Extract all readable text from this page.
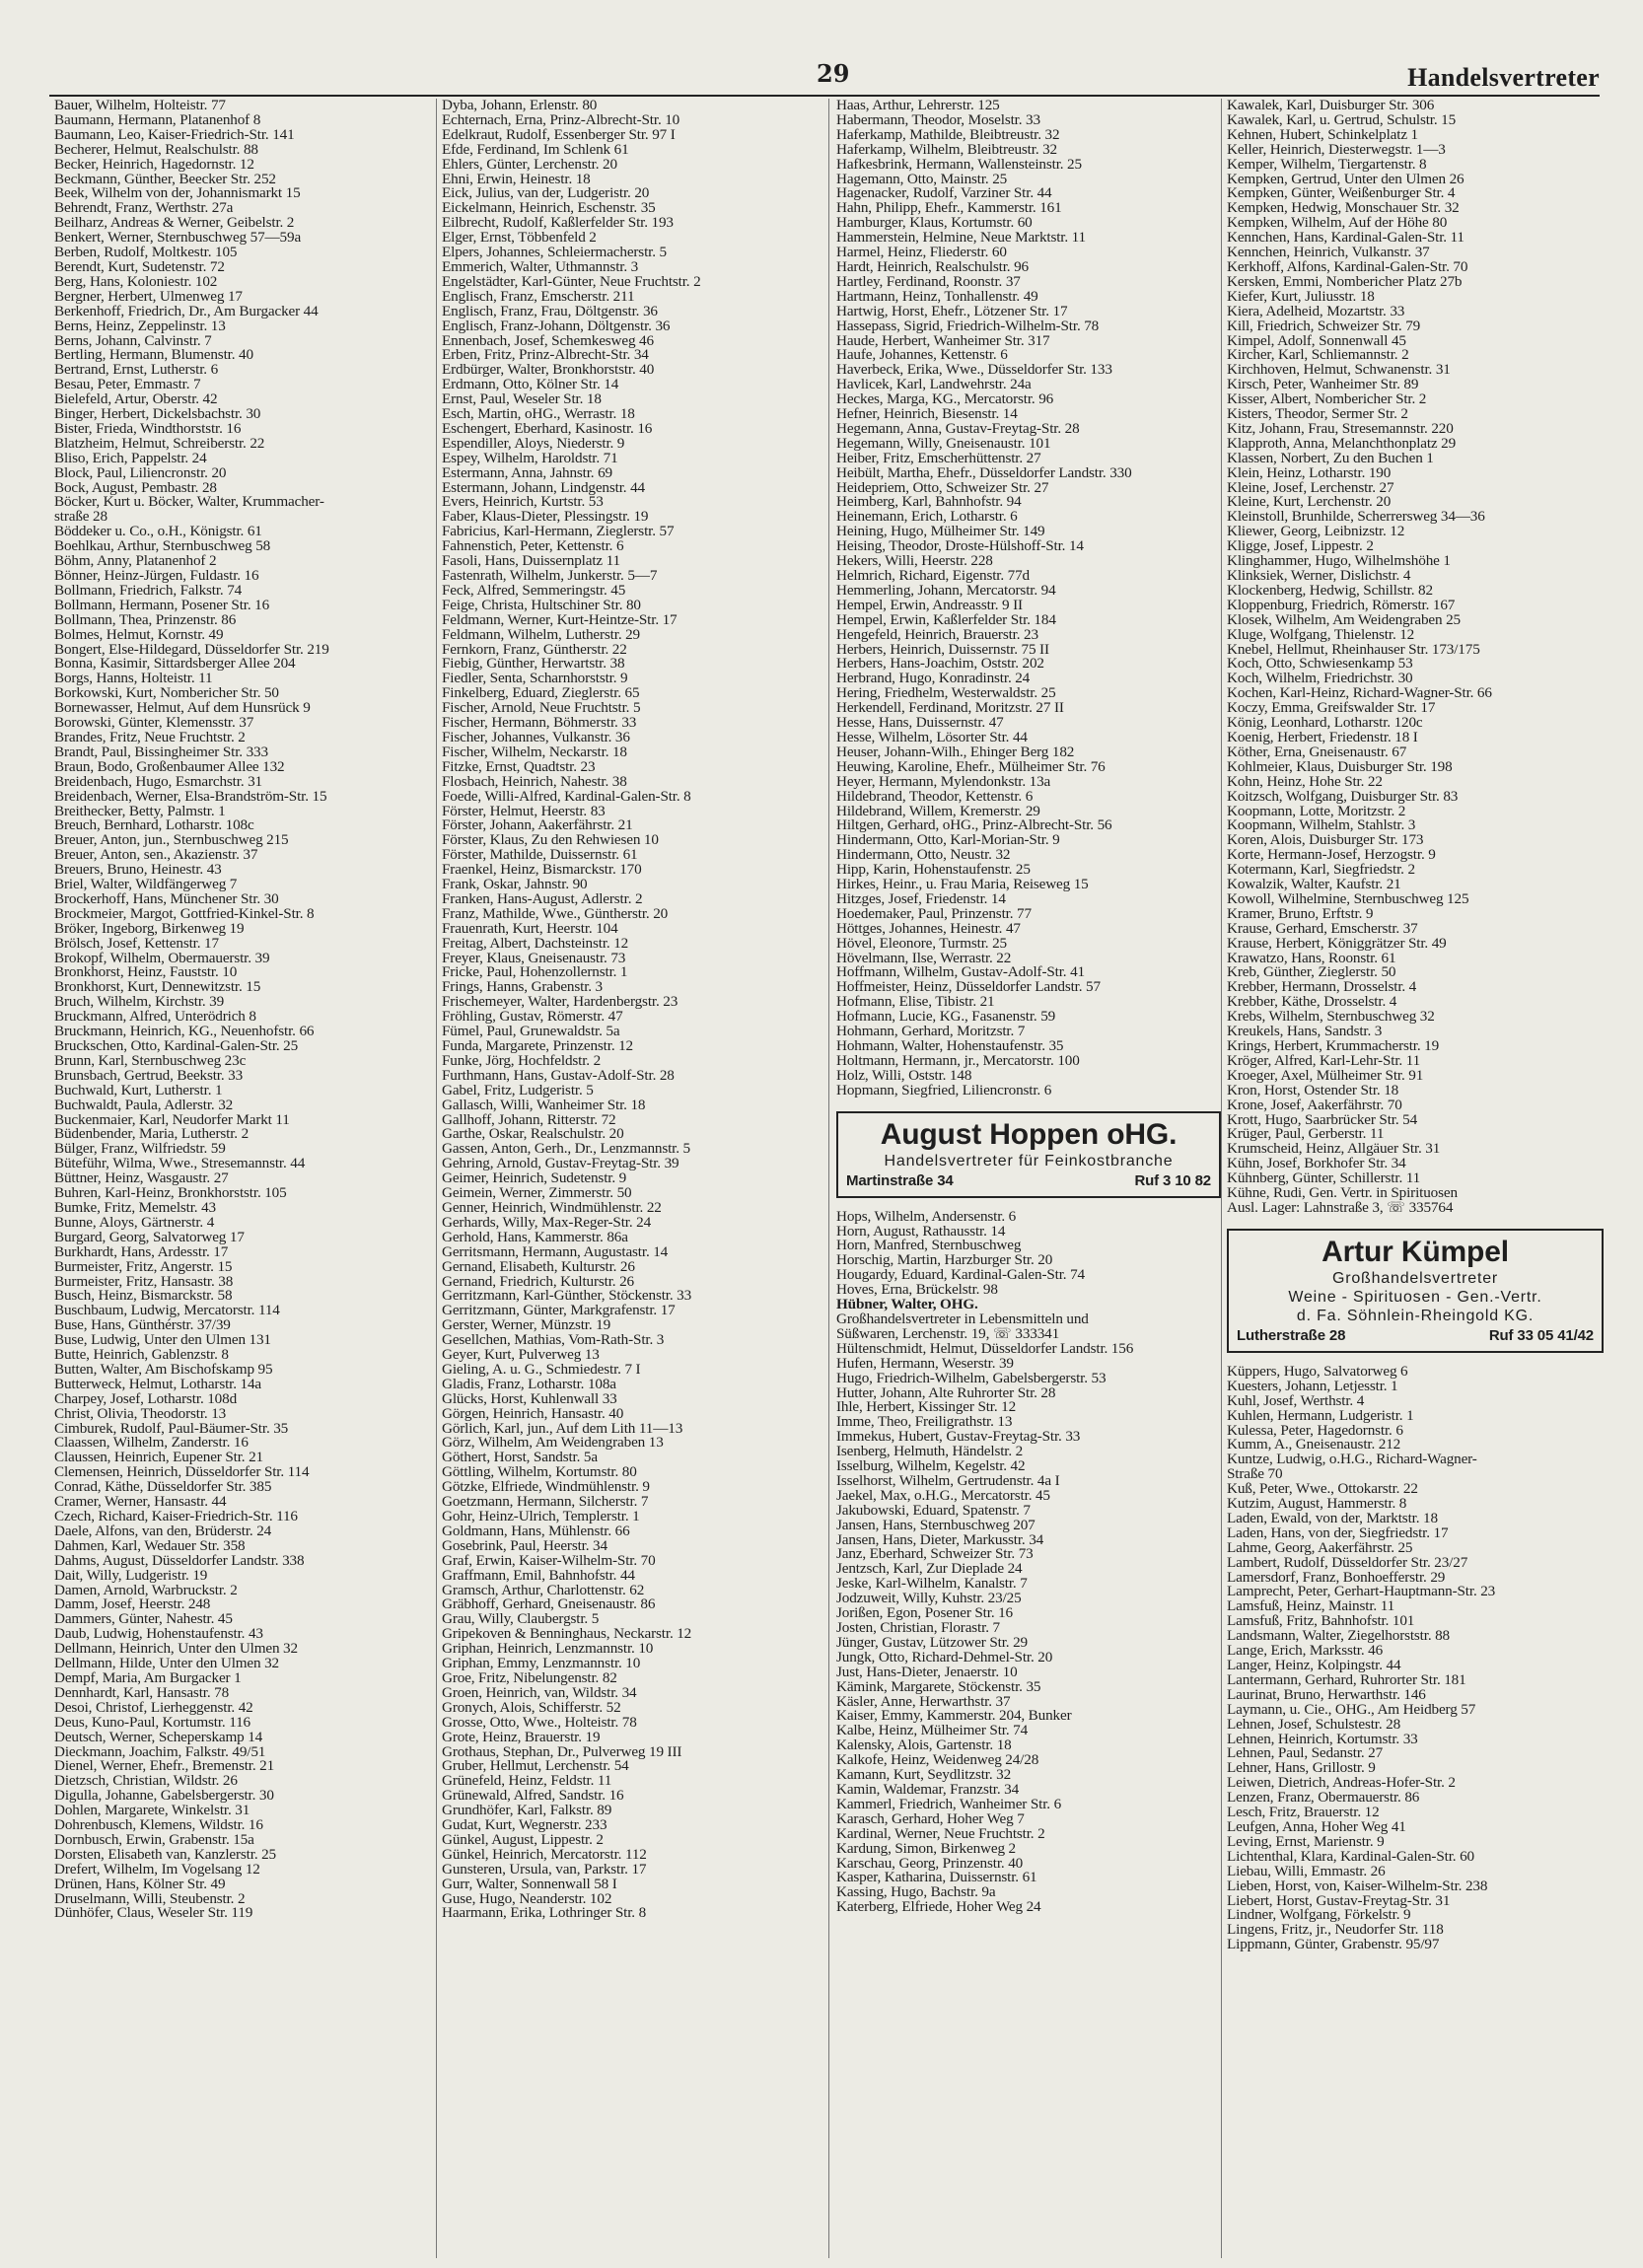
29	Handelsvertreter
Bauer, Wilhelm, Holteistr. 77
Baumann, Hermann, Platanenhof 8
Baumann, Leo, Kaiser-Friedrich-Str. 141
Becherer, Helmut, Realschulstr. 88
Becker, Heinrich, Hagedornstr. 12
Beckmann, Günther, Beecker Str. 252
Beek, Wilhelm von der, Johannismarkt 15
Behrendt, Franz, Werthstr. 27a
Beilharz, Andreas & Werner, Geibelstr. 2
Benkert, Werner, Sternbuschweg 57—59a
Berben, Rudolf, Moltkestr. 105
Berendt, Kurt, Sudetenstr. 72
Berg, Hans, Koloniestr. 102
Bergner, Herbert, Ulmenweg 17
Berkenhoff, Friedrich, Dr., Am Burgacker 44
Berns, Heinz, Zeppelinstr. 13
Berns, Johann, Calvinstr. 7
Bertling, Hermann, Blumenstr. 40
Bertrand, Ernst, Lutherstr. 6
Besau, Peter, Emmastr. 7
Bielefeld, Artur, Oberstr. 42
Binger, Herbert, Dickelsbachstr. 30
Bister, Frieda, Windthorststr. 16
Blatzheim, Helmut, Schreiberstr. 22
Bliso, Erich, Pappelstr. 24
Block, Paul, Liliencronstr. 20
Bock, August, Pembastr. 28
Böcker, Kurt u. Böcker, Walter, Krummacher-
straße 28
Böddeker u. Co., o.H., Königstr. 61
Boehlkau, Arthur, Sternbuschweg 58
Böhm, Anny, Platanenhof 2
Bönner, Heinz-Jürgen, Fuldastr. 16
Bollmann, Friedrich, Falkstr. 74
Bollmann, Hermann, Posener Str. 16
Bollmann, Thea, Prinzenstr. 86
Bolmes, Helmut, Kornstr. 49
Bongert, Else-Hildegard, Düsseldorfer Str. 219
Bonna, Kasimir, Sittardsberger Allee 204
Borgs, Hanns, Holteistr. 11
Borkowski, Kurt, Nombericher Str. 50
Bornewasser, Helmut, Auf dem Hunsrück 9
Borowski, Günter, Klemensstr. 37
Brandes, Fritz, Neue Fruchtstr. 2
Brandt, Paul, Bissingheimer Str. 333
Braun, Bodo, Großenbaumer Allee 132
Breidenbach, Hugo, Esmarchstr. 31
Breidenbach, Werner, Elsa-Brandström-Str. 15
Breithecker, Betty, Palmstr. 1
Breuch, Bernhard, Lotharstr. 108c
Breuer, Anton, jun., Sternbuschweg 215
Breuer, Anton, sen., Akazienstr. 37
Breuers, Bruno, Heinestr. 43
Briel, Walter, Wildfängerweg 7
Brockerhoff, Hans, Münchener Str. 30
Brockmeier, Margot, Gottfried-Kinkel-Str. 8
Bröker, Ingeborg, Birkenweg 19
Brölsch, Josef, Kettenstr. 17
Brokopf, Wilhelm, Obermauerstr. 39
Bronkhorst, Heinz, Fauststr. 10
Bronkhorst, Kurt, Dennewitzstr. 15
Bruch, Wilhelm, Kirchstr. 39
Bruckmann, Alfred, Unterödrich 8
Bruckmann, Heinrich, KG., Neuenhofstr. 66
Bruckschen, Otto, Kardinal-Galen-Str. 25
Brunn, Karl, Sternbuschweg 23c
Brunsbach, Gertrud, Beekstr. 33
Buchwald, Kurt, Lutherstr. 1
Buchwaldt, Paula, Adlerstr. 32
Buckenmaier, Karl, Neudorfer Markt 11
Büdenbender, Maria, Lutherstr. 2
Bülger, Franz, Wilfriedstr. 59
Büteführ, Wilma, Wwe., Stresemannstr. 44
Büttner, Heinz, Wasgaustr. 27
Buhren, Karl-Heinz, Bronkhorststr. 105
Bumke, Fritz, Memelstr. 43
Bunne, Aloys, Gärtnerstr. 4
Burgard, Georg, Salvatorweg 17
Burkhardt, Hans, Ardesstr. 17
Burmeister, Fritz, Angerstr. 15
Burmeister, Fritz, Hansastr. 38
Busch, Heinz, Bismarckstr. 58
Buschbaum, Ludwig, Mercatorstr. 114
Buse, Hans, Günthérstr. 37/39
Buse, Ludwig, Unter den Ulmen 131
Butte, Heinrich, Gablenzstr. 8
Butten, Walter, Am Bischofskamp 95
Butterweck, Helmut, Lotharstr. 14a
Charpey, Josef, Lotharstr. 108d
Christ, Olivia, Theodorstr. 13
Cimburek, Rudolf, Paul-Bäumer-Str. 35
Claassen, Wilhelm, Zanderstr. 16
Claussen, Heinrich, Eupener Str. 21
Clemensen, Heinrich, Düsseldorfer Str. 114
Conrad, Käthe, Düsseldorfer Str. 385
Cramer, Werner, Hansastr. 44
Czech, Richard, Kaiser-Friedrich-Str. 116
Daele, Alfons, van den, Brüderstr. 24
Dahmen, Karl, Wedauer Str. 358
Dahms, August, Düsseldorfer Landstr. 338
Dait, Willy, Ludgeristr. 19
Damen, Arnold, Warbruckstr. 2
Damm, Josef, Heerstr. 248
Dammers, Günter, Nahestr. 45
Daub, Ludwig, Hohenstaufenstr. 43
Dellmann, Heinrich, Unter den Ulmen 32
Dellmann, Hilde, Unter den Ulmen 32
Dempf, Maria, Am Burgacker 1
Dennhardt, Karl, Hansastr. 78
Desoi, Christof, Lierheggenstr. 42
Deus, Kuno-Paul, Kortumstr. 116
Deutsch, Werner, Scheperskamp 14
Dieckmann, Joachim, Falkstr. 49/51
Dienel, Werner, Ehefr., Bremenstr. 21
Dietzsch, Christian, Wildstr. 26
Digulla, Johanne, Gabelsbergerstr. 30
Dohlen, Margarete, Winkelstr. 31
Dohrenbusch, Klemens, Wildstr. 16
Dornbusch, Erwin, Grabenstr. 15a
Dorsten, Elisabeth van, Kanzlerstr. 25
Drefert, Wilhelm, Im Vogelsang 12
Drünen, Hans, Kölner Str. 49
Druselmann, Willi, Steubenstr. 2
Dünhöfer, Claus, Weseler Str. 119
Dyba, Johann, Erlenstr. 80
Echternach, Erna, Prinz-Albrecht-Str. 10
Edelkraut, Rudolf, Essenberger Str. 97 I
Efde, Ferdinand, Im Schlenk 61
Ehlers, Günter, Lerchenstr. 20
Ehni, Erwin, Heinestr. 18
Eick, Julius, van der, Ludgeristr. 20
Eickelmann, Heinrich, Eschenstr. 35
Eilbrecht, Rudolf, Kaßlerfelder Str. 193
Elger, Ernst, Többenfeld 2
Elpers, Johannes, Schleiermacherstr. 5
Emmerich, Walter, Uthmannstr. 3
Engelstädter, Karl-Günter, Neue Fruchtstr. 2
Englisch, Franz, Emscherstr. 211
Englisch, Franz, Frau, Döltgenstr. 36
Englisch, Franz-Johann, Döltgenstr. 36
Ennenbach, Josef, Schemkesweg 46
Erben, Fritz, Prinz-Albrecht-Str. 34
Erdbürger, Walter, Bronkhorststr. 40
Erdmann, Otto, Kölner Str. 14
Ernst, Paul, Weseler Str. 18
Esch, Martin, oHG., Werrastr. 18
Eschengert, Eberhard, Kasinostr. 16
Espendiller, Aloys, Niederstr. 9
Espey, Wilhelm, Haroldstr. 71
Estermann, Anna, Jahnstr. 69
Estermann, Johann, Lindgenstr. 44
Evers, Heinrich, Kurtstr. 53
Faber, Klaus-Dieter, Plessingstr. 19
Fabricius, Karl-Hermann, Zieglerstr. 57
Fahnenstich, Peter, Kettenstr. 6
Fasoli, Hans, Duissernplatz 11
Fastenrath, Wilhelm, Junkerstr. 5—7
Feck, Alfred, Semmeringstr. 45
Feige, Christa, Hultschiner Str. 80
Feldmann, Werner, Kurt-Heintze-Str. 17
Feldmann, Wilhelm, Lutherstr. 29
Fernkorn, Franz, Güntherstr. 22
Fiebig, Günther, Herwartstr. 38
Fiedler, Senta, Scharnhorststr. 9
Finkelberg, Eduard, Zieglerstr. 65
Fischer, Arnold, Neue Fruchtstr. 5
Fischer, Hermann, Böhmerstr. 33
Fischer, Johannes, Vulkanstr. 36
Fischer, Wilhelm, Neckarstr. 18
Fitzke, Ernst, Quadtstr. 23
Flosbach, Heinrich, Nahestr. 38
Foede, Willi-Alfred, Kardinal-Galen-Str. 8
Förster, Helmut, Heerstr. 83
Förster, Johann, Aakerfährstr. 21
Förster, Klaus, Zu den Rehwiesen 10
Förster, Mathilde, Duissernstr. 61
Fraenkel, Heinz, Bismarckstr. 170
Frank, Oskar, Jahnstr. 90
Franken, Hans-August, Adlerstr. 2
Franz, Mathilde, Wwe., Güntherstr. 20
Frauenrath, Kurt, Heerstr. 104
Freitag, Albert, Dachsteinstr. 12
Freyer, Klaus, Gneisenaustr. 73
Fricke, Paul, Hohenzollernstr. 1
Frings, Hanns, Grabenstr. 3
Frischemeyer, Walter, Hardenbergstr. 23
Fröhling, Gustav, Römerstr. 47
Fümel, Paul, Grunewaldstr. 5a
Funda, Margarete, Prinzenstr. 12
Funke, Jörg, Hochfeldstr. 2
Furthmann, Hans, Gustav-Adolf-Str. 28
Gabel, Fritz, Ludgeristr. 5
Gallasch, Willi, Wanheimer Str. 18
Gallhoff, Johann, Ritterstr. 72
Garthe, Oskar, Realschulstr. 20
Gassen, Anton, Gerh., Dr., Lenzmannstr. 5
Gehring, Arnold, Gustav-Freytag-Str. 39
Geimer, Heinrich, Sudetenstr. 9
Geimein, Werner, Zimmerstr. 50
Genner, Heinrich, Windmühlenstr. 22
Gerhards, Willy, Max-Reger-Str. 24
Gerhold, Hans, Kammerstr. 86a
Gerritsmann, Hermann, Augustastr. 14
Gernand, Elisabeth, Kulturstr. 26
Gernand, Friedrich, Kulturstr. 26
Gerritzmann, Karl-Günther, Stöckenstr. 33
Gerritzmann, Günter, Markgrafenstr. 17
Gerster, Werner, Münzstr. 19
Gesellchen, Mathias, Vom-Rath-Str. 3
Geyer, Kurt, Pulverweg 13
Gieling, A. u. G., Schmiedestr. 7 I
Gladis, Franz, Lotharstr. 108a
Glücks, Horst, Kuhlenwall 33
Görgen, Heinrich, Hansastr. 40
Görlich, Karl, jun., Auf dem Lith 11—13
Görz, Wilhelm, Am Weidengraben 13
Göthert, Horst, Sandstr. 5a
Göttling, Wilhelm, Kortumstr. 80
Götzke, Elfriede, Windmühlenstr. 9
Goetzmann, Hermann, Silcherstr. 7
Gohr, Heinz-Ulrich, Templerstr. 1
Goldmann, Hans, Mühlenstr. 66
Gosebrink, Paul, Heerstr. 34
Graf, Erwin, Kaiser-Wilhelm-Str. 70
Graffmann, Emil, Bahnhofstr. 44
Gramsch, Arthur, Charlottenstr. 62
Gräbhoff, Gerhard, Gneisenaustr. 86
Grau, Willy, Claubergstr. 5
Gripekoven & Benninghaus, Neckarstr. 12
Griphan, Heinrich, Lenzmannstr. 10
Griphan, Emmy, Lenzmannstr. 10
Groe, Fritz, Nibelungenstr. 82
Groen, Heinrich, van, Wildstr. 34
Gronych, Alois, Schifferstr. 52
Grosse, Otto, Wwe., Holteistr. 78
Grote, Heinz, Brauerstr. 19
Grothaus, Stephan, Dr., Pulverweg 19 III
Gruber, Hellmut, Lerchenstr. 54
Grünefeld, Heinz, Feldstr. 11
Grünewald, Alfred, Sandstr. 16
Grundhöfer, Karl, Falkstr. 89
Gudat, Kurt, Wegnerstr. 233
Günkel, August, Lippestr. 2
Günkel, Heinrich, Mercatorstr. 112
Gunsteren, Ursula, van, Parkstr. 17
Gurr, Walter, Sonnenwall 58 I
Guse, Hugo, Neanderstr. 102
Haarmann, Erika, Lothringer Str. 8
Haas, Arthur, Lehrerstr. 125
Habermann, Theodor, Moselstr. 33
Haferkamp, Mathilde, Bleibtreustr. 32
Haferkamp, Wilhelm, Bleibtreustr. 32
Hafkesbrink, Hermann, Wallensteinstr. 25
Hagemann, Otto, Mainstr. 25
Hagenacker, Rudolf, Varziner Str. 44
Hahn, Philipp, Ehefr., Kammerstr. 161
Hamburger, Klaus, Kortumstr. 60
Hammerstein, Helmine, Neue Marktstr. 11
Harmel, Heinz, Fliederstr. 60
Hardt, Heinrich, Realschulstr. 96
Hartley, Ferdinand, Roonstr. 37
Hartmann, Heinz, Tonhallenstr. 49
Hartwig, Horst, Ehefr., Lötzener Str. 17
Hassepass, Sigrid, Friedrich-Wilhelm-Str. 78
Haude, Herbert, Wanheimer Str. 317
Haufe, Johannes, Kettenstr. 6
Haverbeck, Erika, Wwe., Düsseldorfer Str. 133
Havlicek, Karl, Landwehrstr. 24a
Heckes, Marga, KG., Mercatorstr. 96
Hefner, Heinrich, Biesenstr. 14
Hegemann, Anna, Gustav-Freytag-Str. 28
Hegemann, Willy, Gneisenaustr. 101
Heiber, Fritz, Emscherhüttenstr. 27
Heibült, Martha, Ehefr., Düsseldorfer Landstr. 330
Heidepriem, Otto, Schweizer Str. 27
Heimberg, Karl, Bahnhofstr. 94
Heinemann, Erich, Lotharstr. 6
Heining, Hugo, Mülheimer Str. 149
Heising, Theodor, Droste-Hülshoff-Str. 14
Hekers, Willi, Heerstr. 228
Helmrich, Richard, Eigenstr. 77d
Hemmerling, Johann, Mercatorstr. 94
Hempel, Erwin, Andreasstr. 9 II
Hempel, Erwin, Kaßlerfelder Str. 184
Hengefeld, Heinrich, Brauerstr. 23
Herbers, Heinrich, Duissernstr. 75 II
Herbers, Hans-Joachim, Oststr. 202
Herbrand, Hugo, Konradinstr. 24
Hering, Friedhelm, Westerwaldstr. 25
Herkendell, Ferdinand, Moritzstr. 27 II
Hesse, Hans, Duissernstr. 47
Hesse, Wilhelm, Lösorter Str. 44
Heuser, Johann-Wilh., Ehinger Berg 182
Heuwing, Karoline, Ehefr., Mülheimer Str. 76
Heyer, Hermann, Mylendonkstr. 13a
Hildebrand, Theodor, Kettenstr. 6
Hildebrand, Willem, Kremerstr. 29
Hiltgen, Gerhard, oHG., Prinz-Albrecht-Str. 56
Hindermann, Otto, Karl-Morian-Str. 9
Hindermann, Otto, Neustr. 32
Hipp, Karin, Hohenstaufenstr. 25
Hirkes, Heinr., u. Frau Maria, Reiseweg 15
Hitzges, Josef, Friedenstr. 14
Hoedemaker, Paul, Prinzenstr. 77
Höttges, Johannes, Heinestr. 47
Hövel, Eleonore, Turmstr. 25
Hövelmann, Ilse, Werrastr. 22
Hoffmann, Wilhelm, Gustav-Adolf-Str. 41
Hoffmeister, Heinz, Düsseldorfer Landstr. 57
Hofmann, Elise, Tibistr. 21
Hofmann, Lucie, KG., Fasanenstr. 59
Hohmann, Gerhard, Moritzstr. 7
Hohmann, Walter, Hohenstaufenstr. 35
Holtmann, Hermann, jr., Mercatorstr. 100
Holz, Willi, Oststr. 148
Hopmann, Siegfried, Liliencronstr. 6
August Hoppen oHG.
Handelsvertreter für Feinkostbranche
Martinstraße 34	Ruf 3 10 82
Hops, Wilhelm, Andersenstr. 6
Horn, August, Rathausstr. 14
Horn, Manfred, Sternbuschweg
Horschig, Martin, Harzburger Str. 20
Hougardy, Eduard, Kardinal-Galen-Str. 74
Hoves, Erna, Brückelstr. 98
Hübner, Walter, OHG.
Großhandelsvertreter in Lebensmitteln und
Süßwaren, Lerchenstr. 19, ☏ 333341
Hültenschmidt, Helmut, Düsseldorfer Landstr. 156
Hufen, Hermann, Weserstr. 39
Hugo, Friedrich-Wilhelm, Gabelsbergerstr. 53
Hutter, Johann, Alte Ruhrorter Str. 28
Ihle, Herbert, Kissinger Str. 12
Imme, Theo, Freiligrathstr. 13
Immekus, Hubert, Gustav-Freytag-Str. 33
Isenberg, Helmuth, Händelstr. 2
Isselburg, Wilhelm, Kegelstr. 42
Isselhorst, Wilhelm, Gertrudenstr. 4a I
Jaekel, Max, o.H.G., Mercatorstr. 45
Jakubowski, Eduard, Spatenstr. 7
Jansen, Hans, Sternbuschweg 207
Jansen, Hans, Dieter, Markusstr. 34
Janz, Eberhard, Schweizer Str. 73
Jentzsch, Karl, Zur Dieplade 24
Jeske, Karl-Wilhelm, Kanalstr. 7
Jodzuweit, Willy, Kuhstr. 23/25
Jorißen, Egon, Posener Str. 16
Josten, Christian, Florastr. 7
Jünger, Gustav, Lützower Str. 29
Jungk, Otto, Richard-Dehmel-Str. 20
Just, Hans-Dieter, Jenaerstr. 10
Kämink, Margarete, Stöckenstr. 35
Käsler, Anne, Herwarthstr. 37
Kaiser, Emmy, Kammerstr. 204, Bunker
Kalbe, Heinz, Mülheimer Str. 74
Kalensky, Alois, Gartenstr. 18
Kalkofe, Heinz, Weidenweg 24/28
Kamann, Kurt, Seydlitzstr. 32
Kamin, Waldemar, Franzstr. 34
Kammerl, Friedrich, Wanheimer Str. 6
Karasch, Gerhard, Hoher Weg 7
Kardinal, Werner, Neue Fruchtstr. 2
Kardung, Simon, Birkenweg 2
Karschau, Georg, Prinzenstr. 40
Kasper, Katharina, Duissernstr. 61
Kassing, Hugo, Bachstr. 9a
Katerberg, Elfriede, Hoher Weg 24
Kawalek, Karl, Duisburger Str. 306
Kawalek, Karl, u. Gertrud, Schulstr. 15
Kehnen, Hubert, Schinkelplatz 1
Keller, Heinrich, Diesterwegstr. 1—3
Kemper, Wilhelm, Tiergartenstr. 8
Kempken, Gertrud, Unter den Ulmen 26
Kempken, Günter, Weißenburger Str. 4
Kempken, Hedwig, Monschauer Str. 32
Kempken, Wilhelm, Auf der Höhe 80
Kennchen, Hans, Kardinal-Galen-Str. 11
Kennchen, Heinrich, Vulkanstr. 37
Kerkhoff, Alfons, Kardinal-Galen-Str. 70
Kersken, Emmi, Nombericher Platz 27b
Kiefer, Kurt, Juliusstr. 18
Kiera, Adelheid, Mozartstr. 33
Kill, Friedrich, Schweizer Str. 79
Kimpel, Adolf, Sonnenwall 45
Kircher, Karl, Schliemannstr. 2
Kirchhoven, Helmut, Schwanenstr. 31
Kirsch, Peter, Wanheimer Str. 89
Kisser, Albert, Nombericher Str. 2
Kisters, Theodor, Sermer Str. 2
Kitz, Johann, Frau, Stresemannstr. 220
Klapproth, Anna, Melanchthonplatz 29
Klassen, Norbert, Zu den Buchen 1
Klein, Heinz, Lotharstr. 190
Kleine, Josef, Lerchenstr. 27
Kleine, Kurt, Lerchenstr. 20
Kleinstoll, Brunhilde, Scherrersweg 34—36
Kliewer, Georg, Leibnizstr. 12
Kligge, Josef, Lippestr. 2
Klinghammer, Hugo, Wilhelmshöhe 1
Klinksiek, Werner, Dislichstr. 4
Klockenberg, Hedwig, Schillstr. 82
Kloppenburg, Friedrich, Römerstr. 167
Klosek, Wilhelm, Am Weidengraben 25
Kluge, Wolfgang, Thielenstr. 12
Knebel, Hellmut, Rheinhauser Str. 173/175
Koch, Otto, Schwiesenkamp 53
Koch, Wilhelm, Friedrichstr. 30
Kochen, Karl-Heinz, Richard-Wagner-Str. 66
Koczy, Emma, Greifswalder Str. 17
König, Leonhard, Lotharstr. 120c
Koenig, Herbert, Friedenstr. 18 I
Köther, Erna, Gneisenaustr. 67
Kohlmeier, Klaus, Duisburger Str. 198
Kohn, Heinz, Hohe Str. 22
Koitzsch, Wolfgang, Duisburger Str. 83
Koopmann, Lotte, Moritzstr. 2
Koopmann, Wilhelm, Stahlstr. 3
Koren, Alois, Duisburger Str. 173
Korte, Hermann-Josef, Herzogstr. 9
Kotermann, Karl, Siegfriedstr. 2
Kowalzik, Walter, Kaufstr. 21
Kowoll, Wilhelmine, Sternbuschweg 125
Kramer, Bruno, Erftstr. 9
Krause, Gerhard, Emscherstr. 37
Krause, Herbert, Königgrätzer Str. 49
Krawatzo, Hans, Roonstr. 61
Kreb, Günther, Zieglerstr. 50
Krebber, Hermann, Drosselstr. 4
Krebber, Käthe, Drosselstr. 4
Krebs, Wilhelm, Sternbuschweg 32
Kreukels, Hans, Sandstr. 3
Krings, Herbert, Krummacherstr. 19
Kröger, Alfred, Karl-Lehr-Str. 11
Kroeger, Axel, Mülheimer Str. 91
Kron, Horst, Ostender Str. 18
Krone, Josef, Aakerfährstr. 70
Krott, Hugo, Saarbrücker Str. 54
Krüger, Paul, Gerberstr. 11
Krumscheid, Heinz, Allgäuer Str. 31
Kühn, Josef, Borkhofer Str. 34
Kühnberg, Günter, Schillerstr. 11
Kühne, Rudi, Gen. Vertr. in Spirituosen
Ausl. Lager: Lahnstraße 3, ☏ 335764
Artur Kümpel
Großhandelsvertreter
Weine - Spirituosen - Gen.-Vertr.
d. Fa. Söhnlein-Rheingold KG.
Lutherstraße 28	Ruf 33 05 41/42
Küppers, Hugo, Salvatorweg 6
Kuesters, Johann, Letjesstr. 1
Kuhl, Josef, Werthstr. 4
Kuhlen, Hermann, Ludgeristr. 1
Kulessa, Peter, Hagedornstr. 6
Kumm, A., Gneisenaustr. 212
Kuntze, Ludwig, o.H.G., Richard-Wagner-
Straße 70
Kuß, Peter, Wwe., Ottokarstr. 22
Kutzim, August, Hammerstr. 8
Laden, Ewald, von der, Marktstr. 18
Laden, Hans, von der, Siegfriedstr. 17
Lahme, Georg, Aakerfährstr. 25
Lambert, Rudolf, Düsseldorfer Str. 23/27
Lamersdorf, Franz, Bonhoefferstr. 29
Lamprecht, Peter, Gerhart-Hauptmann-Str. 23
Lamsfuß, Heinz, Mainstr. 11
Lamsfuß, Fritz, Bahnhofstr. 101
Landsmann, Walter, Ziegelhorststr. 88
Lange, Erich, Marksstr. 46
Langer, Heinz, Kolpingstr. 44
Lantermann, Gerhard, Ruhrorter Str. 181
Laurinat, Bruno, Herwarthstr. 146
Laymann, u. Cie., OHG., Am Heidberg 57
Lehnen, Josef, Schulstestr. 28
Lehnen, Heinrich, Kortumstr. 33
Lehnen, Paul, Sedanstr. 27
Lehner, Hans, Grillostr. 9
Leiwen, Dietrich, Andreas-Hofer-Str. 2
Lenzen, Franz, Obermauerstr. 86
Lesch, Fritz, Brauerstr. 12
Leufgen, Anna, Hoher Weg 41
Leving, Ernst, Marienstr. 9
Lichtenthal, Klara, Kardinal-Galen-Str. 60
Liebau, Willi, Emmastr. 26
Lieben, Horst, von, Kaiser-Wilhelm-Str. 238
Liebert, Horst, Gustav-Freytag-Str. 31
Lindner, Wolfgang, Förkelstr. 9
Lingens, Fritz, jr., Neudorfer Str. 118
Lippmann, Günter, Grabenstr. 95/97
